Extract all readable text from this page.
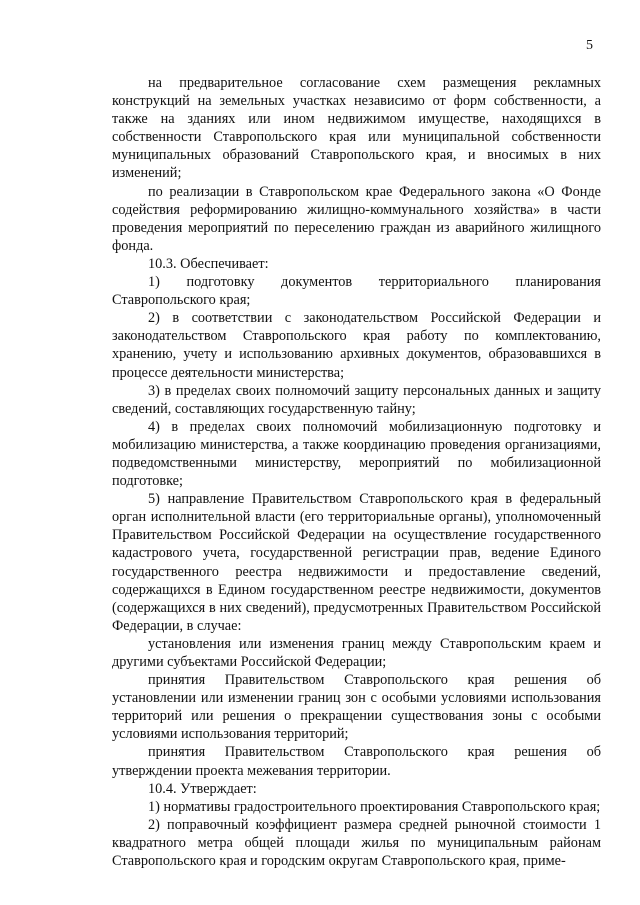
5

на предварительное согласование схем размещения рекламных конструкций на земельных участках независимо от форм собственности, а также на зданиях или ином недвижимом имуществе, находящихся в собственности Ставропольского края или муниципальной собственности муниципальных образований Ставропольского края, и вносимых в них изменений;

по реализации в Ставропольском крае Федерального закона «О Фонде содействия реформированию жилищно-коммунального хозяйства» в части проведения мероприятий по переселению граждан из аварийного жилищного фонда.

10.3. Обеспечивает:

1) подготовку документов территориального планирования Ставропольского края;

2) в соответствии с законодательством Российской Федерации и законодательством Ставропольского края работу по комплектованию, хранению, учету и использованию архивных документов, образовавшихся в процессе деятельности министерства;

3) в пределах своих полномочий защиту персональных данных и защиту сведений, составляющих государственную тайну;

4) в пределах своих полномочий мобилизационную подготовку и мобилизацию министерства, а также координацию проведения организациями, подведомственными министерству, мероприятий по мобилизационной подготовке;

5) направление Правительством Ставропольского края в федеральный орган исполнительной власти (его территориальные органы), уполномоченный Правительством Российской Федерации на осуществление государственного кадастрового учета, государственной регистрации прав, ведение Единого государственного реестра недвижимости и предоставление сведений, содержащихся в Едином государственном реестре недвижимости, документов (содержащихся в них сведений), предусмотренных Правительством Российской Федерации, в случае:

установления или изменения границ между Ставропольским краем и другими субъектами Российской Федерации;

принятия Правительством Ставропольского края решения об установлении или изменении границ зон с особыми условиями использования территорий или решения о прекращении существования зоны с особыми условиями использования территорий;

принятия Правительством Ставропольского края решения об утверждении проекта межевания территории.

10.4. Утверждает:

1) нормативы градостроительного проектирования Ставропольского края;

2) поправочный коэффициент размера средней рыночной стоимости 1 квадратного метра общей площади жилья по муниципальным районам Ставропольского края и городским округам Ставропольского края, приме-
